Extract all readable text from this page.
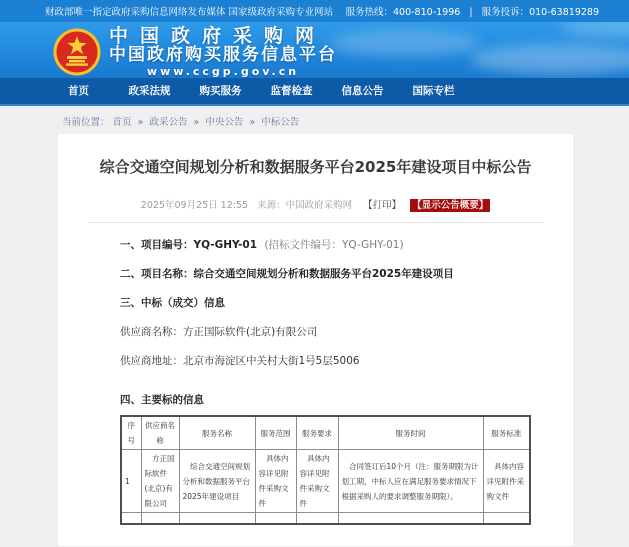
财政部唯一指定政府采购信息网络发布媒体 国家级政府采购专业网站	服务热线：400-810-1996 | 服务投诉：010-63819289
中国政府采购网
中国政府购买服务信息平台
www.ccgp.gov.cn
首页	政采法规	购买服务	监督检查	信息公告	国际专栏
当前位置： 首页 » 政采公告 » 中央公告 » 中标公告
综合交通空间规划分析和数据服务平台2025年建设项目中标公告
2025年09月25日 12:55 来源：中国政府采购网 【打印】 【显示公告概要】

一、项目编号：YQ-GHY-01 (招标文件编号：YQ-GHY-01)

二、项目名称：综合交通空间规划分析和数据服务平台2025年建设项目

三、中标（成交）信息

供应商名称：方正国际软件(北京)有限公司

供应商地址：北京市海淀区中关村大街1号5层5006

四、主要标的信息

序号	供应商名称	服务名称	服务范围	服务要求	服务时间	服务标准
1	方正国际软件(北京)有限公司	综合交通空间规划分析和数据服务平台2025年建设项目	具体内容详见附件采购文件	具体内容详见附件采购文件	合同签订后10个月（注：服务期限为计划工期，中标人应在满足服务要求情况下根据采购人的要求调整服务期限）。	具体内容详见附件采购文件
